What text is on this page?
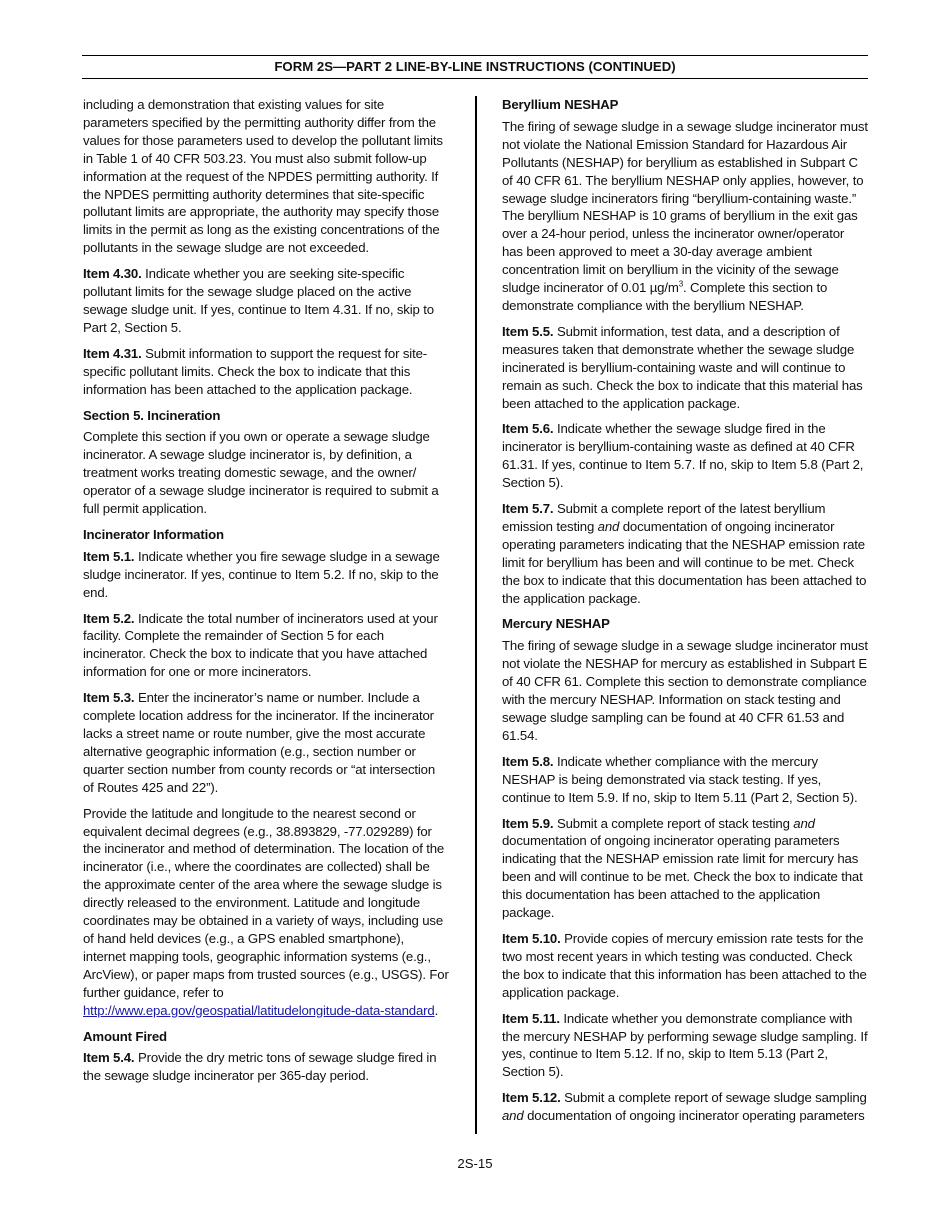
FORM 2S—PART 2 LINE-BY-LINE INSTRUCTIONS (CONTINUED)

including a demonstration that existing values for site parameters specified by the permitting authority differ from the values for those parameters used to develop the pollutant limits in Table 1 of 40 CFR 503.23. You must also submit follow-up information at the request of the NPDES permitting authority. If the NPDES permitting authority determines that site-specific pollutant limits are appropriate, the authority may specify those limits in the permit as long as the existing concentrations of the pollutants in the sewage sludge are not exceeded.

Item 4.30. Indicate whether you are seeking site-specific pollutant limits for the sewage sludge placed on the active sewage sludge unit. If yes, continue to Item 4.31. If no, skip to Part 2, Section 5.

Item 4.31. Submit information to support the request for site-specific pollutant limits. Check the box to indicate that this information has been attached to the application package.

Section 5. Incineration

Complete this section if you own or operate a sewage sludge incinerator. A sewage sludge incinerator is, by definition, a treatment works treating domestic sewage, and the owner/ operator of a sewage sludge incinerator is required to submit a full permit application.

Incinerator Information

Item 5.1. Indicate whether you fire sewage sludge in a sewage sludge incinerator. If yes, continue to Item 5.2. If no, skip to the end.

Item 5.2. Indicate the total number of incinerators used at your facility. Complete the remainder of Section 5 for each incinerator. Check the box to indicate that you have attached information for one or more incinerators.

Item 5.3. Enter the incinerator’s name or number. Include a complete location address for the incinerator. If the incinerator lacks a street name or route number, give the most accurate alternative geographic information (e.g., section number or quarter section number from county records or “at intersection of Routes 425 and 22”).

Provide the latitude and longitude to the nearest second or equivalent decimal degrees (e.g., 38.893829, -77.029289) for the incinerator and method of determination. The location of the incinerator (i.e., where the coordinates are collected) shall be the approximate center of the area where the sewage sludge is directly released to the environment. Latitude and longitude coordinates may be obtained in a variety of ways, including use of hand held devices (e.g., a GPS enabled smartphone), internet mapping tools, geographic information systems (e.g., ArcView), or paper maps from trusted sources (e.g., USGS). For further guidance, refer to http://www.epa.gov/geospatial/latitudelongitude-data-standard.

Amount Fired

Item 5.4. Provide the dry metric tons of sewage sludge fired in the sewage sludge incinerator per 365-day period.

Beryllium NESHAP

The firing of sewage sludge in a sewage sludge incinerator must not violate the National Emission Standard for Hazardous Air Pollutants (NESHAP) for beryllium as established in Subpart C of 40 CFR 61. The beryllium NESHAP only applies, however, to sewage sludge incinerators firing “beryllium-containing waste.” The beryllium NESHAP is 10 grams of beryllium in the exit gas over a 24-hour period, unless the incinerator owner/operator has been approved to meet a 30-day average ambient concentration limit on beryllium in the vicinity of the sewage sludge incinerator of 0.01 $\mu g/m^3$. Complete this section to demonstrate compliance with the beryllium NESHAP.

Item 5.5. Submit information, test data, and a description of measures taken that demonstrate whether the sewage sludge incinerated is beryllium-containing waste and will continue to remain as such. Check the box to indicate that this material has been attached to the application package.

Item 5.6. Indicate whether the sewage sludge fired in the incinerator is beryllium-containing waste as defined at 40 CFR 61.31. If yes, continue to Item 5.7. If no, skip to Item 5.8 (Part 2, Section 5).

Item 5.7. Submit a complete report of the latest beryllium emission testing and documentation of ongoing incinerator operating parameters indicating that the NESHAP emission rate limit for beryllium has been and will continue to be met. Check the box to indicate that this documentation has been attached to the application package.

Mercury NESHAP

The firing of sewage sludge in a sewage sludge incinerator must not violate the NESHAP for mercury as established in Subpart E of 40 CFR 61. Complete this section to demonstrate compliance with the mercury NESHAP. Information on stack testing and sewage sludge sampling can be found at 40 CFR 61.53 and 61.54.

Item 5.8. Indicate whether compliance with the mercury NESHAP is being demonstrated via stack testing. If yes, continue to Item 5.9. If no, skip to Item 5.11 (Part 2, Section 5).

Item 5.9. Submit a complete report of stack testing and documentation of ongoing incinerator operating parameters indicating that the NESHAP emission rate limit for mercury has been and will continue to be met. Check the box to indicate that this documentation has been attached to the application package.

Item 5.10. Provide copies of mercury emission rate tests for the two most recent years in which testing was conducted. Check the box to indicate that this information has been attached to the application package.

Item 5.11. Indicate whether you demonstrate compliance with the mercury NESHAP by performing sewage sludge sampling. If yes, continue to Item 5.12. If no, skip to Item 5.13 (Part 2, Section 5).

Item 5.12. Submit a complete report of sewage sludge sampling and documentation of ongoing incinerator operating parameters

2S-15
